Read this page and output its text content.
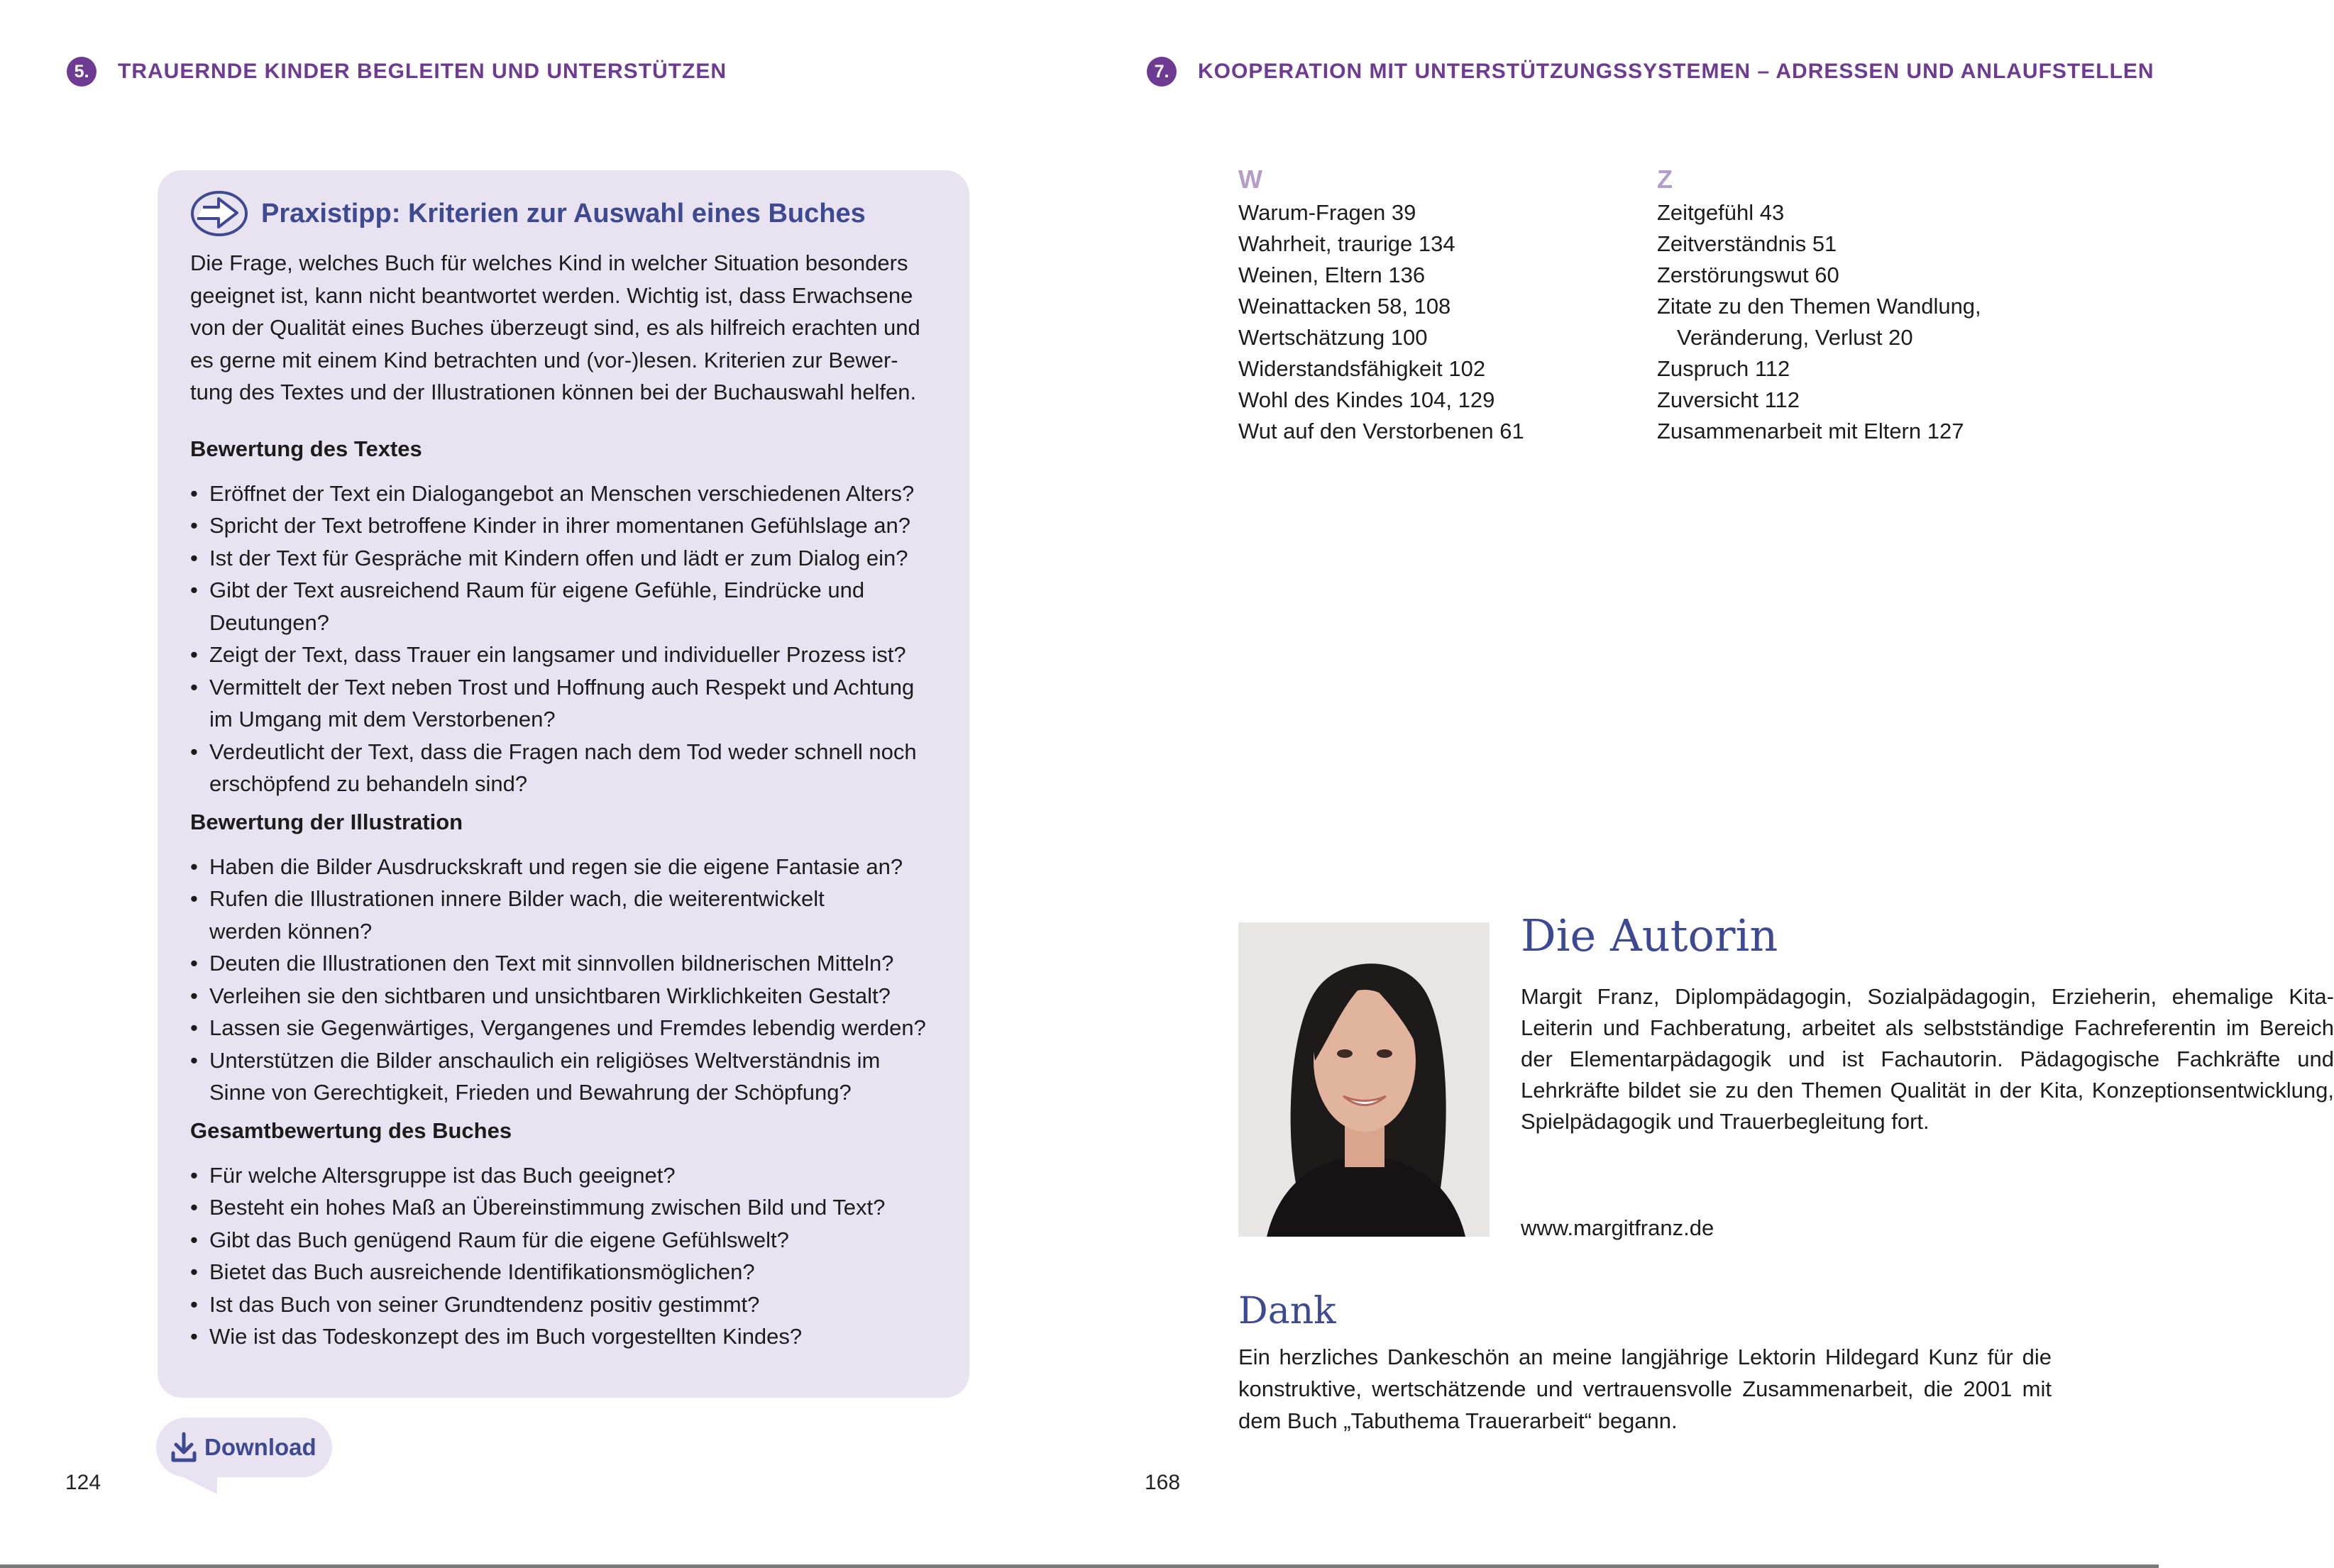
5.	TRAUERNDE KINDER BEGLEITEN UND UNTERSTÜTZEN
Praxistipp: Kriterien zur Auswahl eines Buches

Die Frage, welches Buch für welches Kind in welcher Situation besonders
geeignet ist, kann nicht beantwortet werden. Wichtig ist, dass Erwachsene
von der Qualität eines Buches überzeugt sind, es als hilfreich erachten und
es gerne mit einem Kind betrachten und (vor-)lesen. Kriterien zur Bewer-
tung des Textes und der Illustrationen können bei der Buchauswahl helfen.

Bewertung des Textes
• Eröffnet der Text ein Dialogangebot an Menschen verschiedenen Alters?
• Spricht der Text betroffene Kinder in ihrer momentanen Gefühlslage an?
• Ist der Text für Gespräche mit Kindern offen und lädt er zum Dialog ein?
• Gibt der Text ausreichend Raum für eigene Gefühle, Eindrücke und
Deutungen?
• Zeigt der Text, dass Trauer ein langsamer und individueller Prozess ist?
• Vermittelt der Text neben Trost und Hoffnung auch Respekt und Achtung
im Umgang mit dem Verstorbenen?
• Verdeutlicht der Text, dass die Fragen nach dem Tod weder schnell noch
erschöpfend zu behandeln sind?
Bewertung der Illustration
• Haben die Bilder Ausdruckskraft und regen sie die eigene Fantasie an?
• Rufen die Illustrationen innere Bilder wach, die weiterentwickelt
werden können?
• Deuten die Illustrationen den Text mit sinnvollen bildnerischen Mitteln?
• Verleihen sie den sichtbaren und unsichtbaren Wirklichkeiten Gestalt?
• Lassen sie Gegenwärtiges, Vergangenes und Fremdes lebendig werden?
• Unterstützen die Bilder anschaulich ein religiöses Weltverständnis im
Sinne von Gerechtigkeit, Frieden und Bewahrung der Schöpfung?
Gesamtbewertung des Buches
• Für welche Altersgruppe ist das Buch geeignet?
• Besteht ein hohes Maß an Übereinstimmung zwischen Bild und Text?
• Gibt das Buch genügend Raum für die eigene Gefühlswelt?
• Bietet das Buch ausreichende Identifikationsmöglichen?
• Ist das Buch von seiner Grundtendenz positiv gestimmt?
• Wie ist das Todeskonzept des im Buch vorgestellten Kindes?
Download
124
7.	KOOPERATION MIT UNTERSTÜTZUNGSSYSTEMEN – ADRESSEN UND ANLAUFSTELLEN
168
W
Warum-Fragen 39
Wahrheit, traurige 134
Weinen, Eltern 136
Weinattacken 58, 108
Wertschätzung 100
Widerstandsfähigkeit 102
Wohl des Kindes 104, 129
Wut auf den Verstorbenen 61
Z
Zeitgefühl 43
Zeitverständnis 51
Zerstörungswut 60
Zitate zu den Themen Wandlung,
Veränderung, Verlust 20
Zuspruch 112
Zuversicht 112
Zusammenarbeit mit Eltern 127
Die Autorin

Margit Franz, Diplompädagogin, Sozialpädagogin, Erzieherin, ehemalige Kita-Leiterin und Fachberatung, arbeitet als selbstständige Fachreferentin im Bereich der Elementarpädagogik und ist Fachautorin. Pädagogische Fachkräfte und Lehrkräfte bildet sie zu den Themen Qualität in der Kita, Konzeptionsentwicklung, Spielpädagogik und Trauerbegleitung fort.

www.margitfranz.de
Dank

Ein herzliches Dankeschön an meine langjährige Lektorin Hildegard Kunz für die konstruktive, wertschätzende und vertrauensvolle Zusammenarbeit, die 2001 mit dem Buch „Tabuthema Trauerarbeit“ begann.
